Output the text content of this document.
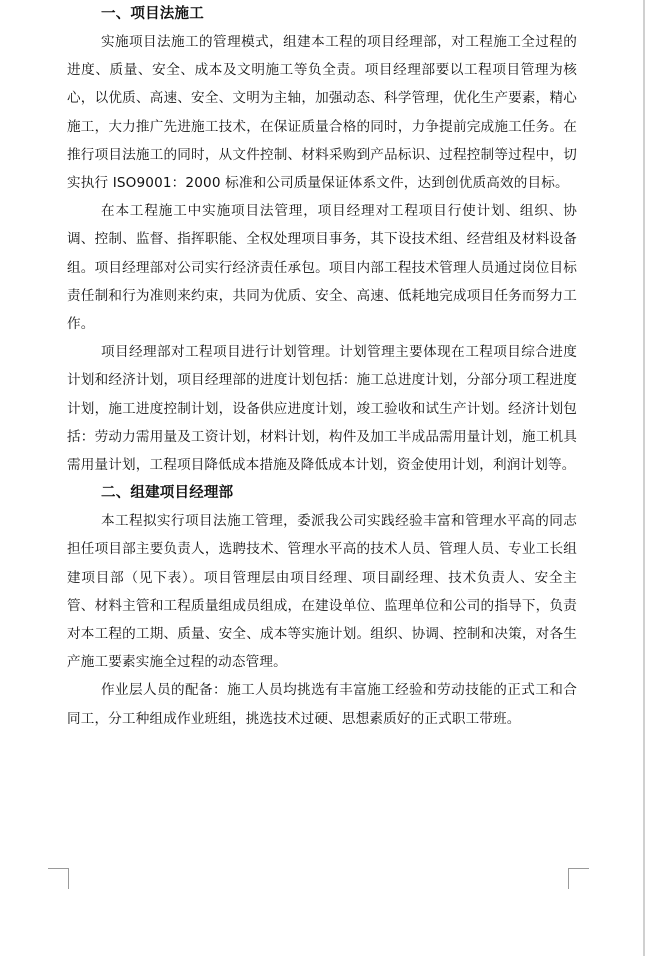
一、项目法施工

实施项目法施工的管理模式，组建本工程的项目经理部，对工程施工全过程的进度、质量、安全、成本及文明施工等负全责。项目经理部要以工程项目管理为核心，以优质、高速、安全、文明为主轴，加强动态、科学管理，优化生产要素，精心施工，大力推广先进施工技术，在保证质量合格的同时，力争提前完成施工任务。在推行项目法施工的同时，从文件控制、材料采购到产品标识、过程控制等过程中，切实执行 ISO9001：2000 标准和公司质量保证体系文件，达到创优质高效的目标。

在本工程施工中实施项目法管理，项目经理对工程项目行使计划、组织、协调、控制、监督、指挥职能、全权处理项目事务，其下设技术组、经营组及材料设备组。项目经理部对公司实行经济责任承包。项目内部工程技术管理人员通过岗位目标责任制和行为准则来约束，共同为优质、安全、高速、低耗地完成项目任务而努力工作。

项目经理部对工程项目进行计划管理。计划管理主要体现在工程项目综合进度计划和经济计划，项目经理部的进度计划包括：施工总进度计划，分部分项工程进度计划，施工进度控制计划，设备供应进度计划，竣工验收和试生产计划。经济计划包括：劳动力需用量及工资计划，材料计划，构件及加工半成品需用量计划，施工机具需用量计划，工程项目降低成本措施及降低成本计划，资金使用计划，利润计划等。

二、组建项目经理部

本工程拟实行项目法施工管理，委派我公司实践经验丰富和管理水平高的同志担任项目部主要负责人，选聘技术、管理水平高的技术人员、管理人员、专业工长组建项目部（见下表）。项目管理层由项目经理、项目副经理、技术负责人、安全主管、材料主管和工程质量组成员组成，在建设单位、监理单位和公司的指导下，负责对本工程的工期、质量、安全、成本等实施计划。组织、协调、控制和决策，对各生产施工要素实施全过程的动态管理。

作业层人员的配备：施工人员均挑选有丰富施工经验和劳动技能的正式工和合同工，分工种组成作业班组，挑选技术过硬、思想素质好的正式职工带班。
